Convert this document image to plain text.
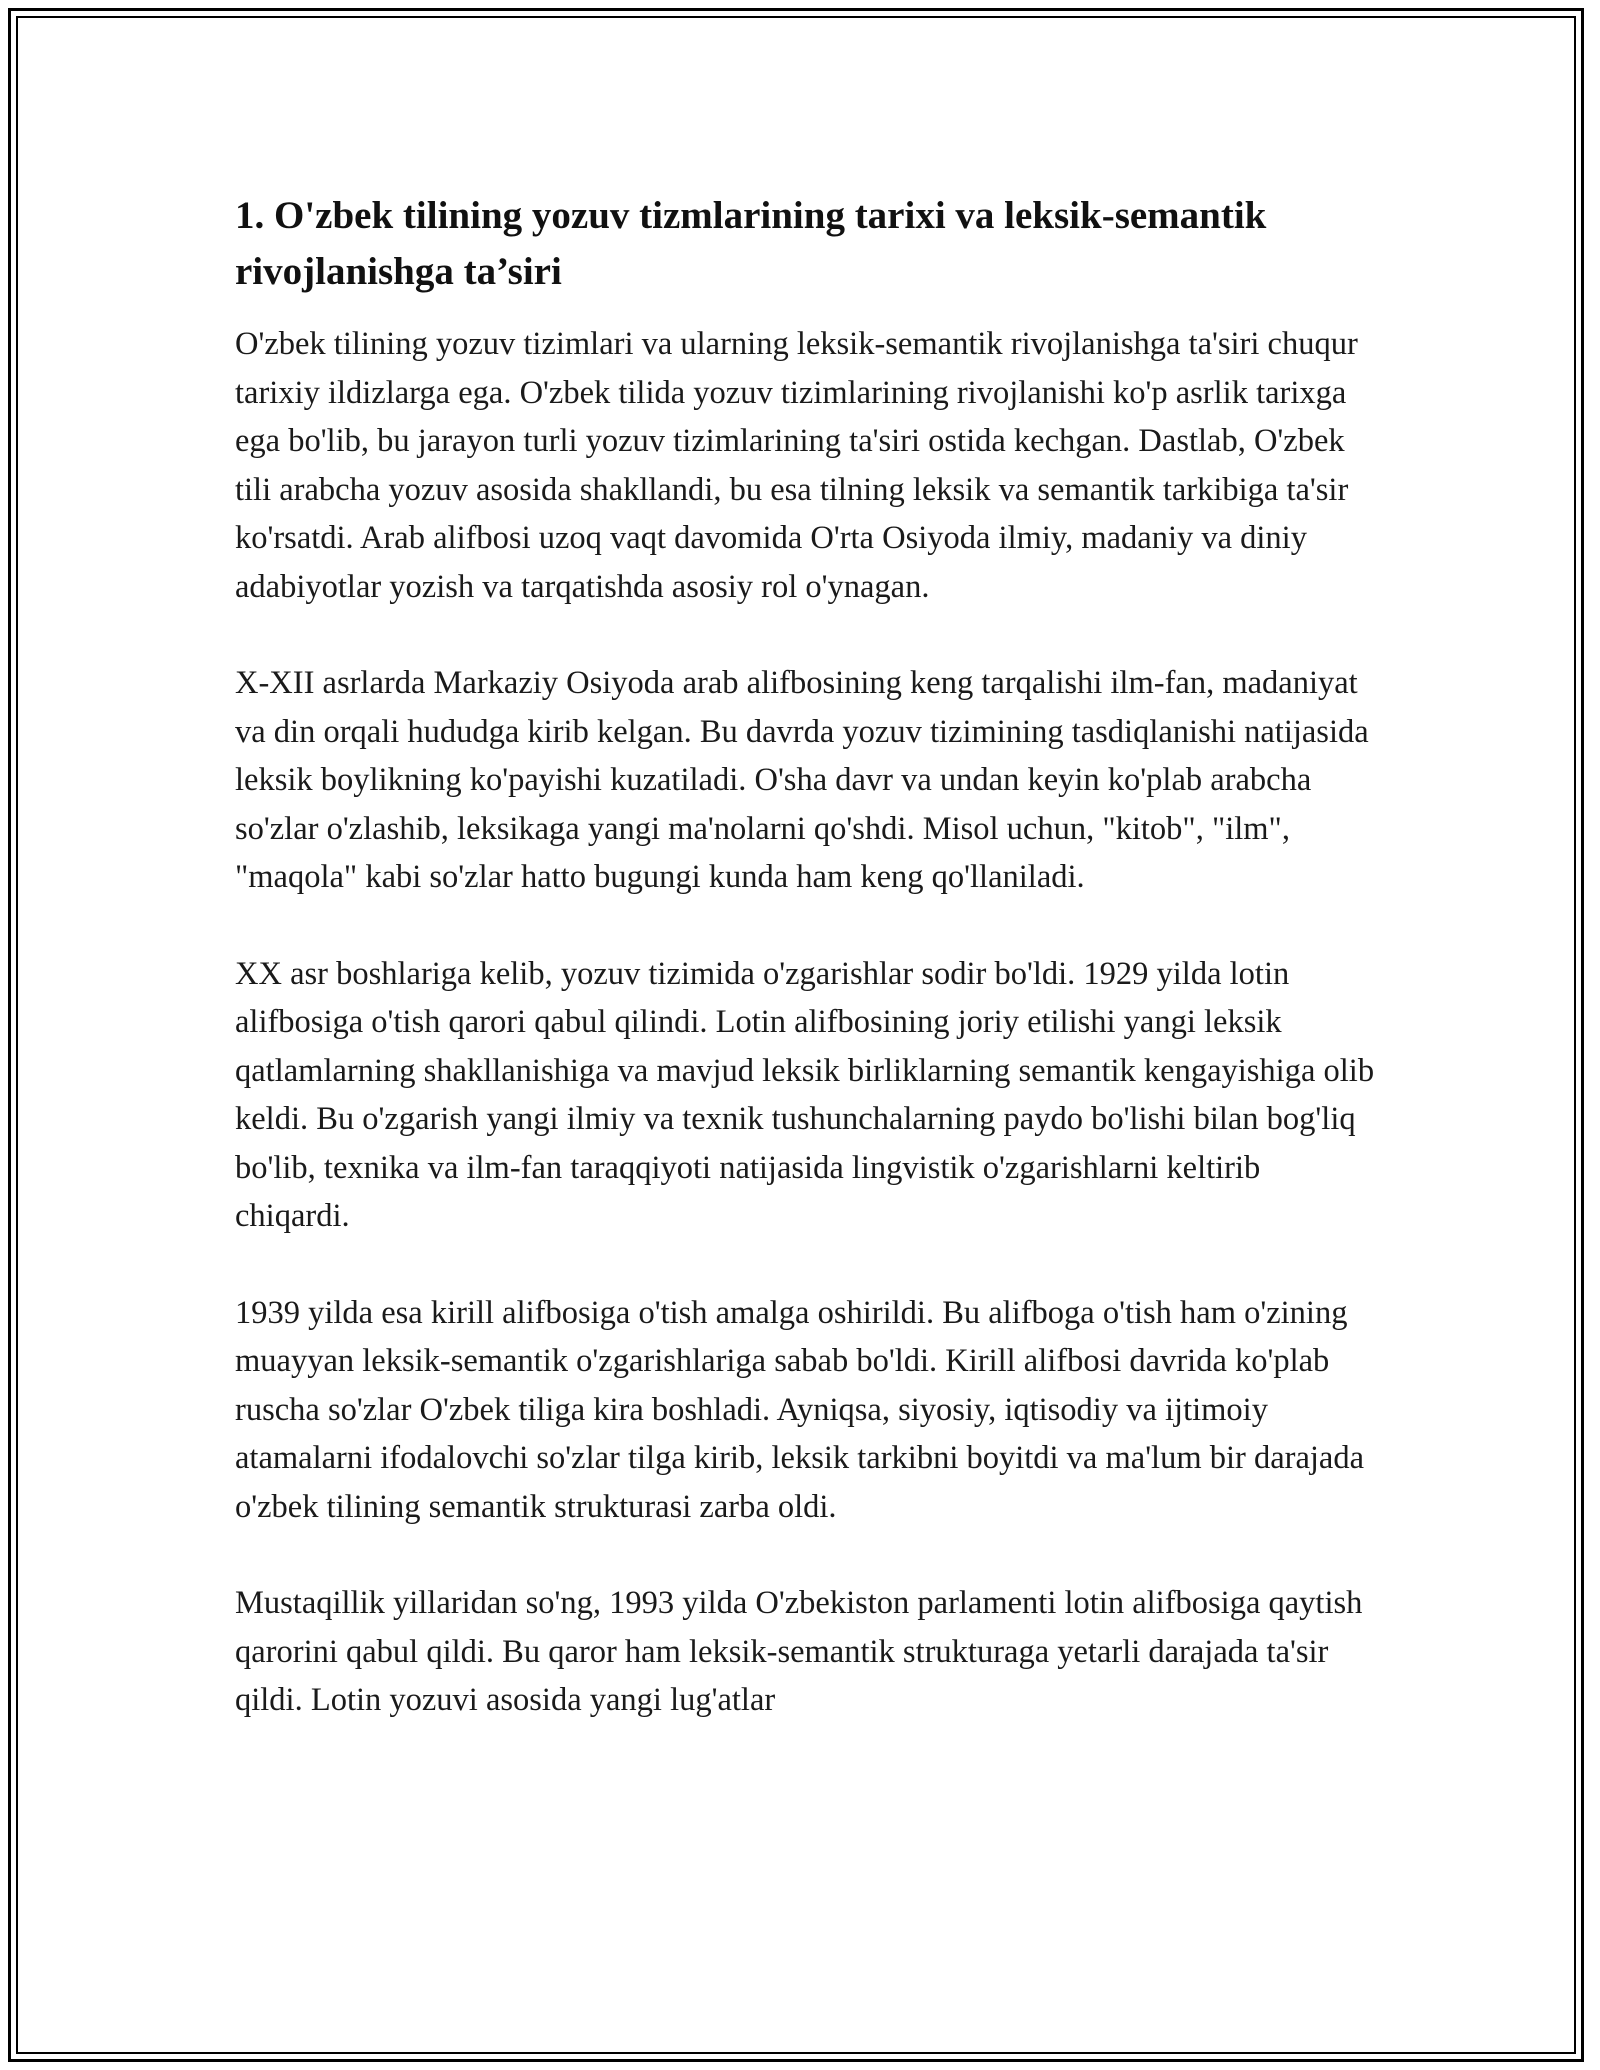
1. O'zbek tilining yozuv tizmlarining tarixi va leksik-semantik rivojlanishga ta’siri

O'zbek tilining yozuv tizimlari va ularning leksik-semantik rivojlanishga ta'siri chuqur tarixiy ildizlarga ega. O'zbek tilida yozuv tizimlarining rivojlanishi ko'p asrlik tarixga ega bo'lib, bu jarayon turli yozuv tizimlarining ta'siri ostida kechgan. Dastlab, O'zbek tili arabcha yozuv asosida shakllandi, bu esa tilning leksik va semantik tarkibiga ta'sir ko'rsatdi. Arab alifbosi uzoq vaqt davomida O'rta Osiyoda ilmiy, madaniy va diniy adabiyotlar yozish va tarqatishda asosiy rol o'ynagan.

X-XII asrlarda Markaziy Osiyoda arab alifbosining keng tarqalishi ilm-fan, madaniyat va din orqali hududga kirib kelgan. Bu davrda yozuv tizimining tasdiqlanishi natijasida leksik boylikning ko'payishi kuzatiladi. O'sha davr va undan keyin ko'plab arabcha so'zlar o'zlashib, leksikaga yangi ma'nolarni qo'shdi. Misol uchun, "kitob", "ilm", "maqola" kabi so'zlar hatto bugungi kunda ham keng qo'llaniladi.

XX asr boshlariga kelib, yozuv tizimida o'zgarishlar sodir bo'ldi. 1929 yilda lotin alifbosiga o'tish qarori qabul qilindi. Lotin alifbosining joriy etilishi yangi leksik qatlamlarning shakllanishiga va mavjud leksik birliklarning semantik kengayishiga olib keldi. Bu o'zgarish yangi ilmiy va texnik tushunchalarning paydo bo'lishi bilan bog'liq bo'lib, texnika va ilm-fan taraqqiyoti natijasida lingvistik o'zgarishlarni keltirib chiqardi.

1939 yilda esa kirill alifbosiga o'tish amalga oshirildi. Bu alifboga o'tish ham o'zining muayyan leksik-semantik o'zgarishlariga sabab bo'ldi. Kirill alifbosi davrida ko'plab ruscha so'zlar O'zbek tiliga kira boshladi. Ayniqsa, siyosiy, iqtisodiy va ijtimoiy atamalarni ifodalovchi so'zlar tilga kirib, leksik tarkibni boyitdi va ma'lum bir darajada o'zbek tilining semantik strukturasi zarba oldi.

Mustaqillik yillaridan so'ng, 1993 yilda O'zbekiston parlamenti lotin alifbosiga qaytish qarorini qabul qildi. Bu qaror ham leksik-semantik strukturaga yetarli darajada ta'sir qildi. Lotin yozuvi asosida yangi lug'atlar
